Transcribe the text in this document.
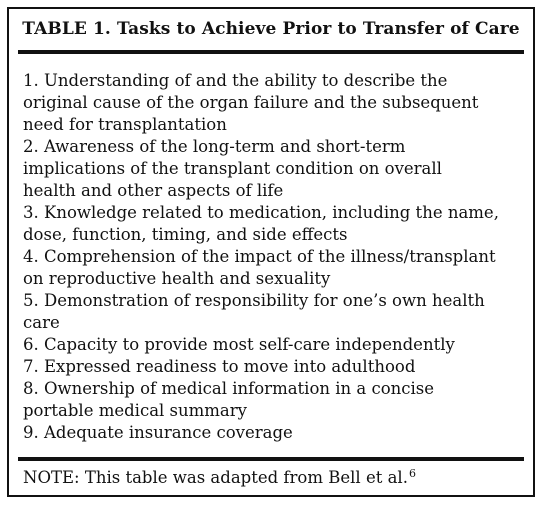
TABLE 1. Tasks to Achieve Prior to Transfer of Care
1. Understanding of and the ability to describe the
original cause of the organ failure and the subsequent
need for transplantation
2. Awareness of the long-term and short-term
implications of the transplant condition on overall
health and other aspects of life
3. Knowledge related to medication, including the name,
dose, function, timing, and side effects
4. Comprehension of the impact of the illness/transplant
on reproductive health and sexuality
5. Demonstration of responsibility for one’s own health
care
6. Capacity to provide most self-care independently
7. Expressed readiness to move into adulthood
8. Ownership of medical information in a concise
portable medical summary
9. Adequate insurance coverage
NOTE: This table was adapted from Bell et al.$^6$
